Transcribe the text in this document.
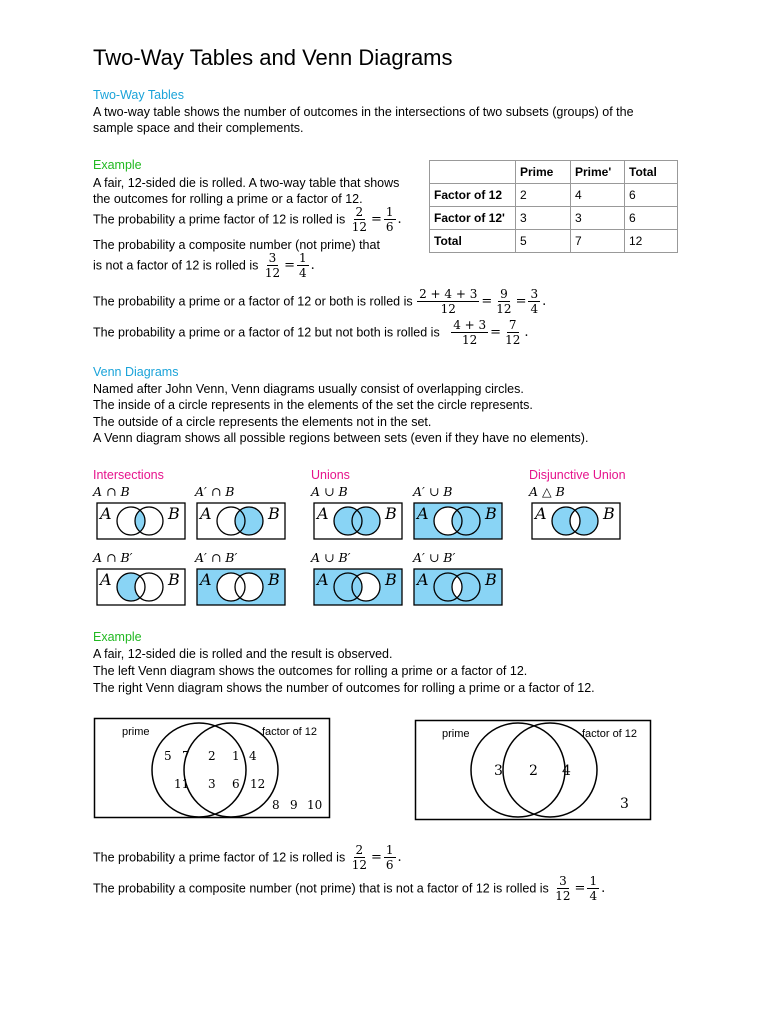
Two-Way Tables and Venn Diagrams
Two-Way Tables
A two-way table shows the number of outcomes in the intersections of two subsets (groups) of the
sample space and their complements.
Example
A fair, 12-sided die is rolled. A two-way table that shows
the outcomes for rolling a prime or a factor of 12.
The probability a prime factor of 12 is rolled is $\frac{2}{12} = \frac{1}{6}$ .
The probability a composite number (not prime) that
is not a factor of 12 is rolled is $\frac{3}{12} = \frac{1}{4}$ .
The probability a prime or a factor of 12 or both is rolled is $\frac{2 + 4 + 3}{12} = \frac{9}{12} = \frac{3}{4}$ .
The probability a prime or a factor of 12 but not both is rolled is $\frac{4 + 3}{12} = \frac{7}{12}$ .
	Prime	Prime'	Total
Factor of 12	2	4	6
Factor of 12'	3	3	6
Total	5	7	12
Venn Diagrams
Named after John Venn, Venn diagrams usually consist of overlapping circles.
The inside of a circle represents in the elements of the set the circle represents.
The outside of a circle represents the elements not in the set.
A Venn diagram shows all possible regions between sets (even if they have no elements).
Intersections	Unions	Disjunctive Union
A ∩ B	A′ ∩ B	A ∪ B	A′ ∪ B	A △ B
A ∩ B′	A′ ∩ B′	A ∪ B′	A′ ∪ B′
A	B A	B A	B A	B A	B
A	B A	B A	B A	B
Example
A fair, 12-sided die is rolled and the result is observed.
The left Venn diagram shows the outcomes for rolling a prime or a factor of 12.
The right Venn diagram shows the number of outcomes for rolling a prime or a factor of 12.
prime	factor of 12
5 7
11
2
3
1 4
6 12
8 9 10
prime	factor of 12
3 2 4
3
The probability a prime factor of 12 is rolled is $\frac{2}{12} = \frac{1}{6}$ .
The probability a composite number (not prime) that is not a factor of 12 is rolled is $\frac{3}{12} = \frac{1}{4}$ .
